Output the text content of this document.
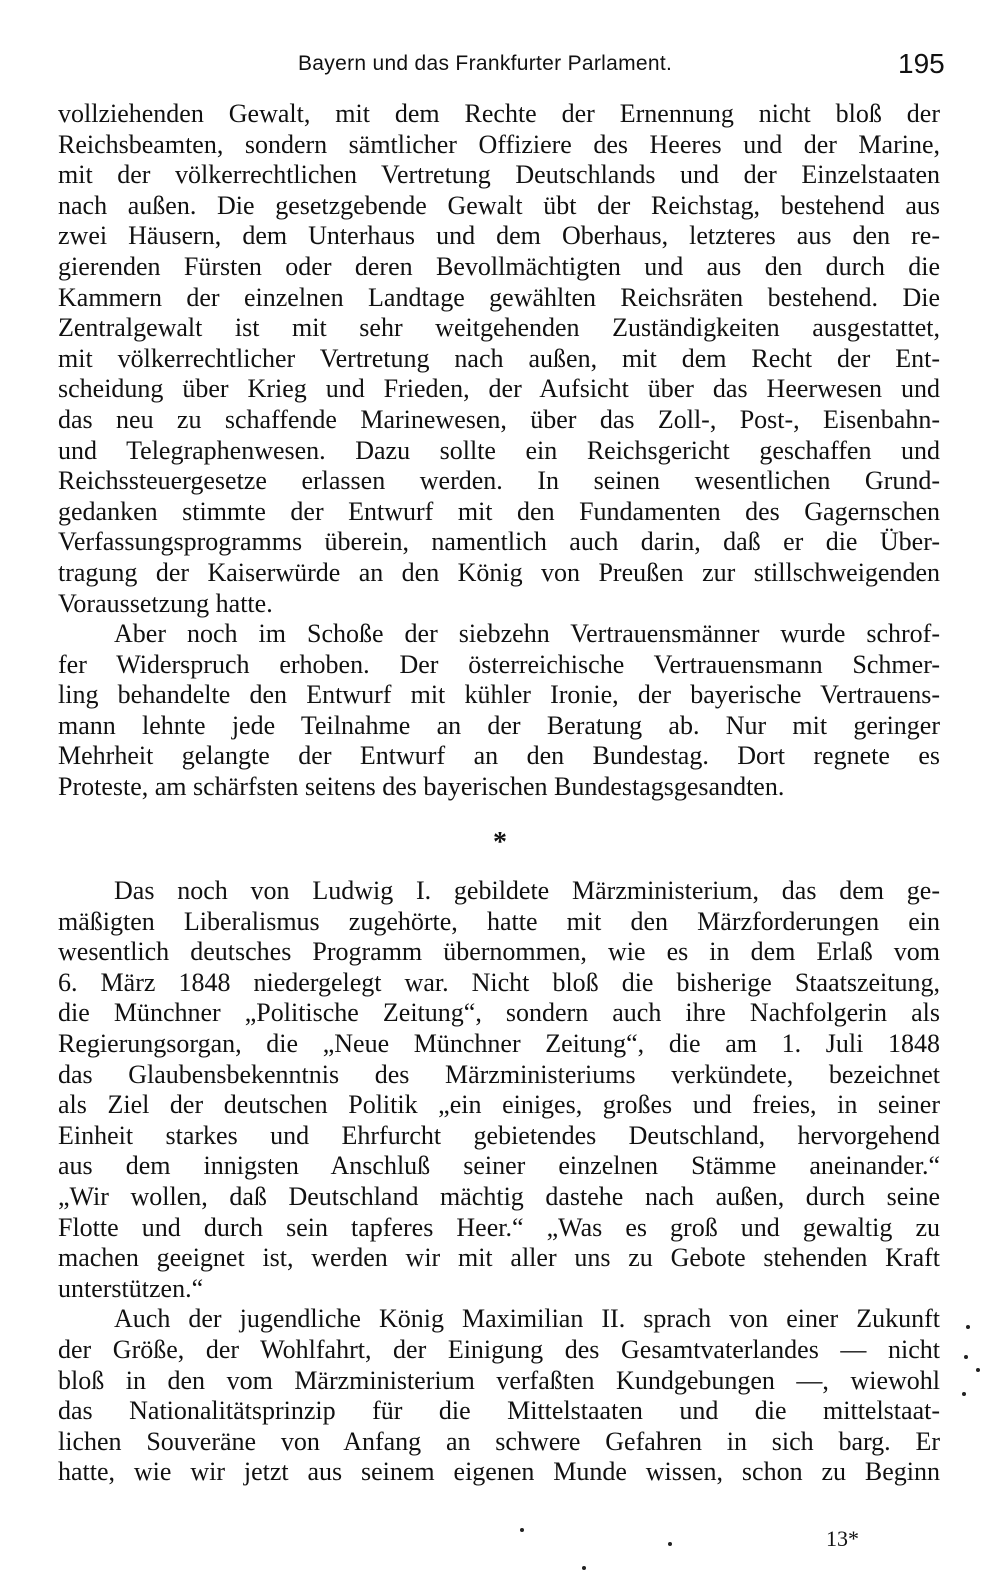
Bayern und das Frankfurter Parlament.	195
vollziehenden Gewalt, mit dem Rechte der Ernennung nicht bloß der
Reichsbeamten, sondern sämtlicher Offiziere des Heeres und der Marine,
mit der völkerrechtlichen Vertretung Deutschlands und der Einzelstaaten
nach außen. Die gesetzgebende Gewalt übt der Reichstag, bestehend aus
zwei Häusern, dem Unterhaus und dem Oberhaus, letzteres aus den re-
gierenden Fürsten oder deren Bevollmächtigten und aus den durch die
Kammern der einzelnen Landtage gewählten Reichsräten bestehend. Die
Zentralgewalt ist mit sehr weitgehenden Zuständigkeiten ausgestattet,
mit völkerrechtlicher Vertretung nach außen, mit dem Recht der Ent-
scheidung über Krieg und Frieden, der Aufsicht über das Heerwesen und
das neu zu schaffende Marinewesen, über das Zoll-, Post-, Eisenbahn-
und Telegraphenwesen. Dazu sollte ein Reichsgericht geschaffen und
Reichssteuergesetze erlassen werden. In seinen wesentlichen Grund-
gedanken stimmte der Entwurf mit den Fundamenten des Gagernschen
Verfassungsprogramms überein, namentlich auch darin, daß er die Über-
tragung der Kaiserwürde an den König von Preußen zur stillschweigenden
Voraussetzung hatte.
Aber noch im Schoße der siebzehn Vertrauensmänner wurde schrof-
fer Widerspruch erhoben. Der österreichische Vertrauensmann Schmer-
ling behandelte den Entwurf mit kühler Ironie, der bayerische Vertrauens-
mann lehnte jede Teilnahme an der Beratung ab. Nur mit geringer
Mehrheit gelangte der Entwurf an den Bundestag. Dort regnete es
Proteste, am schärfsten seitens des bayerischen Bundestagsgesandten.
*
Das noch von Ludwig I. gebildete Märzministerium, das dem ge-
mäßigten Liberalismus zugehörte, hatte mit den Märzforderungen ein
wesentlich deutsches Programm übernommen, wie es in dem Erlaß vom
6. März 1848 niedergelegt war. Nicht bloß die bisherige Staatszeitung,
die Münchner „Politische Zeitung“, sondern auch ihre Nachfolgerin als
Regierungsorgan, die „Neue Münchner Zeitung“, die am 1. Juli 1848
das Glaubensbekenntnis des Märzministeriums verkündete, bezeichnet
als Ziel der deutschen Politik „ein einiges, großes und freies, in seiner
Einheit starkes und Ehrfurcht gebietendes Deutschland, hervorgehend
aus dem innigsten Anschluß seiner einzelnen Stämme aneinander.“
„Wir wollen, daß Deutschland mächtig dastehe nach außen, durch seine
Flotte und durch sein tapferes Heer.“ „Was es groß und gewaltig zu
machen geeignet ist, werden wir mit aller uns zu Gebote stehenden Kraft
unterstützen.“
Auch der jugendliche König Maximilian II. sprach von einer Zukunft
der Größe, der Wohlfahrt, der Einigung des Gesamtvaterlandes — nicht
bloß in den vom Märzministerium verfaßten Kundgebungen —, wiewohl
das Nationalitätsprinzip für die Mittelstaaten und die mittelstaat-
lichen Souveräne von Anfang an schwere Gefahren in sich barg. Er
hatte, wie wir jetzt aus seinem eigenen Munde wissen, schon zu Beginn
13*
